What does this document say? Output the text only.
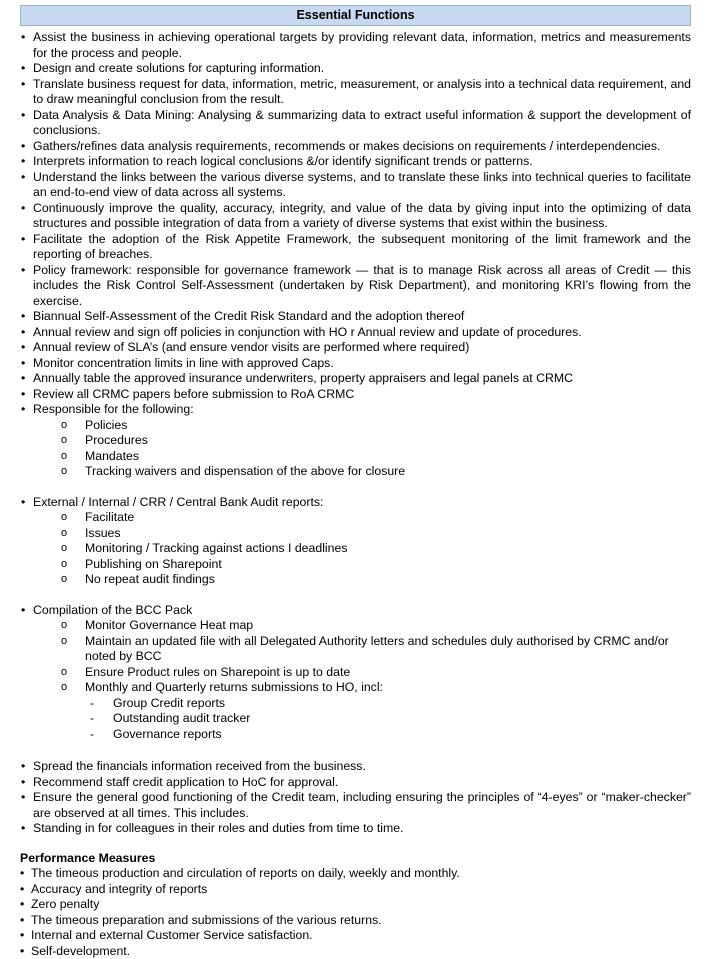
Essential Functions
• Assist the business in achieving operational targets by providing relevant data, information, metrics and measurements for the process and people.
• Design and create solutions for capturing information.
• Translate business request for data, information, metric, measurement, or analysis into a technical data requirement, and to draw meaningful conclusion from the result.
• Data Analysis & Data Mining: Analysing & summarizing data to extract useful information & support the development of conclusions.
• Gathers/refines data analysis requirements, recommends or makes decisions on requirements / interdependencies.
• Interprets information to reach logical conclusions &/or identify significant trends or patterns.
• Understand the links between the various diverse systems, and to translate these links into technical queries to facilitate an end-to-end view of data across all systems.
• Continuously improve the quality, accuracy, integrity, and value of the data by giving input into the optimizing of data structures and possible integration of data from a variety of diverse systems that exist within the business.
• Facilitate the adoption of the Risk Appetite Framework, the subsequent monitoring of the limit framework and the reporting of breaches.
• Policy framework: responsible for governance framework — that is to manage Risk across all areas of Credit — this includes the Risk Control Self-Assessment (undertaken by Risk Department), and monitoring KRI’s flowing from the exercise.
• Biannual Self-Assessment of the Credit Risk Standard and the adoption thereof
• Annual review and sign off policies in conjunction with HO r Annual review and update of procedures.
• Annual review of SLA’s (and ensure vendor visits are performed where required)
• Monitor concentration limits in line with approved Caps.
• Annually table the approved insurance underwriters, property appraisers and legal panels at CRMC
• Review all CRMC papers before submission to RoA CRMC
• Responsible for the following:
o Policies
o Procedures
o Mandates
o Tracking waivers and dispensation of the above for closure
• External / Internal / CRR / Central Bank Audit reports:
o Facilitate
o Issues
o Monitoring / Tracking against actions I deadlines
o Publishing on Sharepoint
o No repeat audit findings
• Compilation of the BCC Pack
o Monitor Governance Heat map
o Maintain an updated file with all Delegated Authority letters and schedules duly authorised by CRMC and/or noted by BCC
o Ensure Product rules on Sharepoint is up to date
o Monthly and Quarterly returns submissions to HO, incl:
- Group Credit reports
- Outstanding audit tracker
- Governance reports
• Spread the financials information received from the business.
• Recommend staff credit application to HoC for approval.
• Ensure the general good functioning of the Credit team, including ensuring the principles of “4-eyes” or “maker-checker” are observed at all times. This includes.
• Standing in for colleagues in their roles and duties from time to time.
Performance Measures
• The timeous production and circulation of reports on daily, weekly and monthly.
• Accuracy and integrity of reports
• Zero penalty
• The timeous preparation and submissions of the various returns.
• Internal and external Customer Service satisfaction.
• Self-development.
